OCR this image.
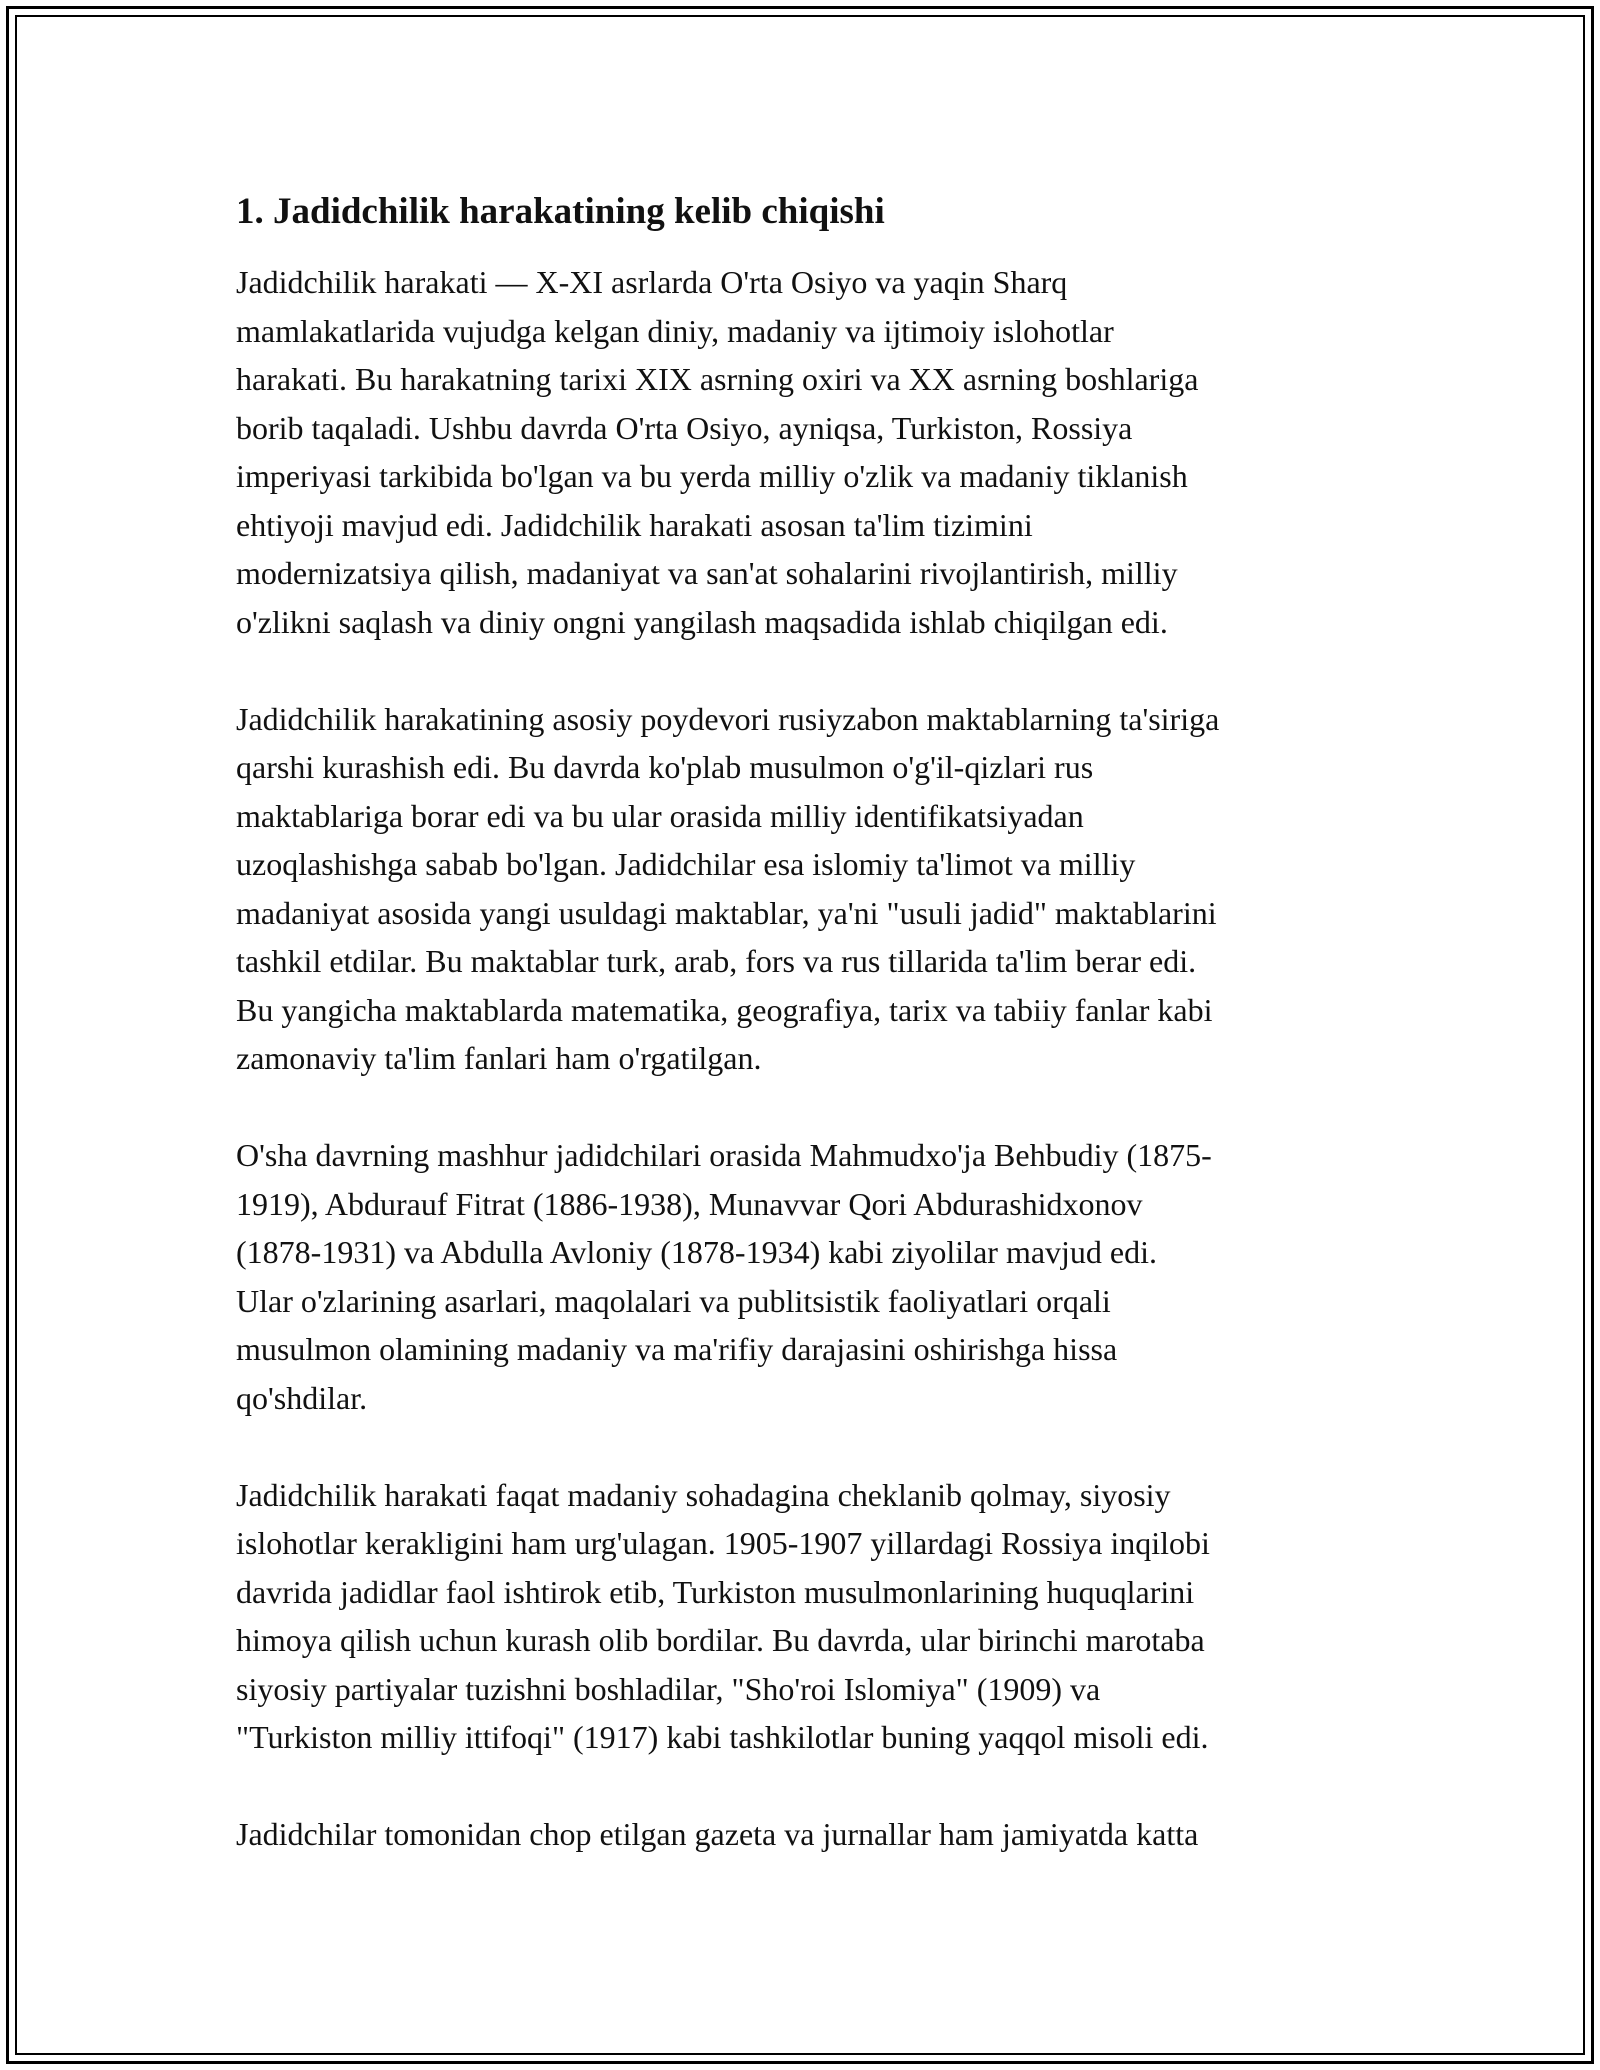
1. Jadidchilik harakatining kelib chiqishi

Jadidchilik harakati — X-XI asrlarda O'rta Osiyo va yaqin Sharq
mamlakatlarida vujudga kelgan diniy, madaniy va ijtimoiy islohotlar
harakati. Bu harakatning tarixi XIX asrning oxiri va XX asrning boshlariga
borib taqaladi. Ushbu davrda O'rta Osiyo, ayniqsa, Turkiston, Rossiya
imperiyasi tarkibida bo'lgan va bu yerda milliy o'zlik va madaniy tiklanish
ehtiyoji mavjud edi. Jadidchilik harakati asosan ta'lim tizimini
modernizatsiya qilish, madaniyat va san'at sohalarini rivojlantirish, milliy
o'zlikni saqlash va diniy ongni yangilash maqsadida ishlab chiqilgan edi.

Jadidchilik harakatining asosiy poydevori rusiyzabon maktablarning ta'siriga
qarshi kurashish edi. Bu davrda ko'plab musulmon o'g'il-qizlari rus
maktablariga borar edi va bu ular orasida milliy identifikatsiyadan
uzoqlashishga sabab bo'lgan. Jadidchilar esa islomiy ta'limot va milliy
madaniyat asosida yangi usuldagi maktablar, ya'ni "usuli jadid" maktablarini
tashkil etdilar. Bu maktablar turk, arab, fors va rus tillarida ta'lim berar edi.
Bu yangicha maktablarda matematika, geografiya, tarix va tabiiy fanlar kabi
zamonaviy ta'lim fanlari ham o'rgatilgan.

O'sha davrning mashhur jadidchilari orasida Mahmudxo'ja Behbudiy (1875-
1919), Abdurauf Fitrat (1886-1938), Munavvar Qori Abdurashidxonov
(1878-1931) va Abdulla Avloniy (1878-1934) kabi ziyolilar mavjud edi.
Ular o'zlarining asarlari, maqolalari va publitsistik faoliyatlari orqali
musulmon olamining madaniy va ma'rifiy darajasini oshirishga hissa
qo'shdilar.

Jadidchilik harakati faqat madaniy sohadagina cheklanib qolmay, siyosiy
islohotlar kerakligini ham urg'ulagan. 1905-1907 yillardagi Rossiya inqilobi
davrida jadidlar faol ishtirok etib, Turkiston musulmonlarining huquqlarini
himoya qilish uchun kurash olib bordilar. Bu davrda, ular birinchi marotaba
siyosiy partiyalar tuzishni boshladilar, "Sho'roi Islomiya" (1909) va
"Turkiston milliy ittifoqi" (1917) kabi tashkilotlar buning yaqqol misoli edi.

Jadidchilar tomonidan chop etilgan gazeta va jurnallar ham jamiyatda katta
